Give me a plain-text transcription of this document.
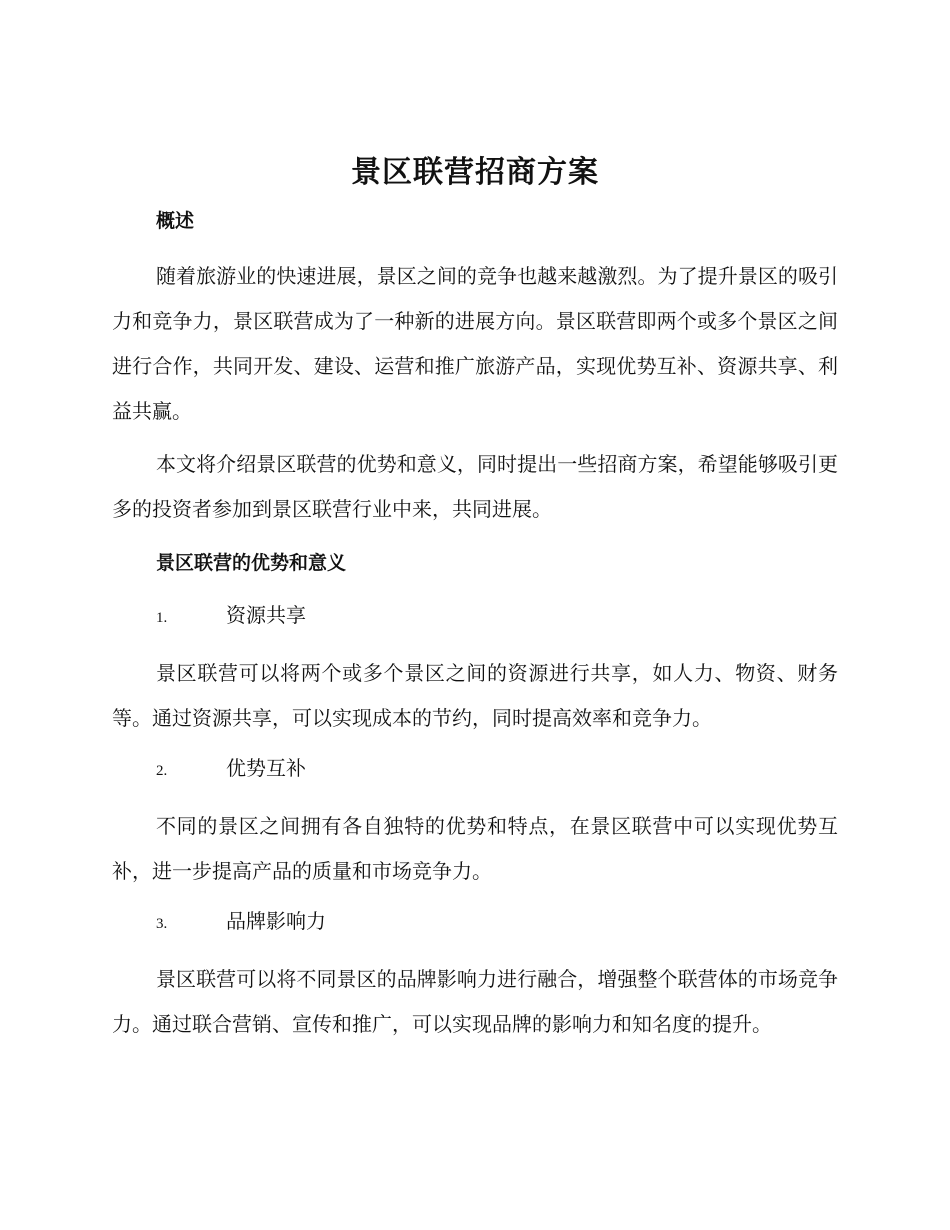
景区联营招商方案
概述

随着旅游业的快速进展，景区之间的竞争也越来越激烈。为了提升景区的吸引力和竞争力，景区联营成为了一种新的进展方向。景区联营即两个或多个景区之间进行合作，共同开发、建设、运营和推广旅游产品，实现优势互补、资源共享、利益共赢。

本文将介绍景区联营的优势和意义，同时提出一些招商方案，希望能够吸引更多的投资者参加到景区联营行业中来，共同进展。

景区联营的优势和意义
1.	资源共享

景区联营可以将两个或多个景区之间的资源进行共享，如人力、物资、财务等。通过资源共享，可以实现成本的节约，同时提高效率和竞争力。

2.	优势互补

不同的景区之间拥有各自独特的优势和特点，在景区联营中可以实现优势互补，进一步提高产品的质量和市场竞争力。

3.	品牌影响力

景区联营可以将不同景区的品牌影响力进行融合，增强整个联营体的市场竞争力。通过联合营销、宣传和推广，可以实现品牌的影响力和知名度的提升。
